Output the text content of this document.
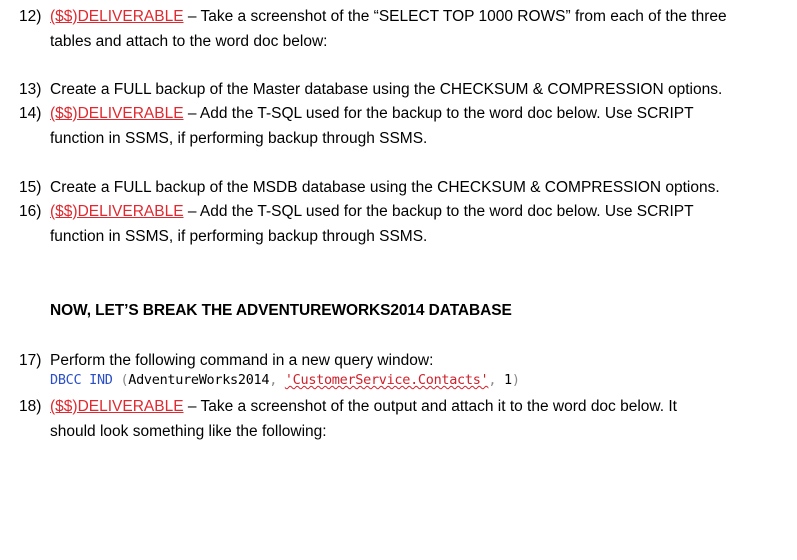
12) ($$)DELIVERABLE – Take a screenshot of the “SELECT TOP 1000 ROWS” from each of the three
tables and attach to the word doc below:
13) Create a FULL backup of the Master database using the CHECKSUM & COMPRESSION options.
14) ($$)DELIVERABLE – Add the T-SQL used for the backup to the word doc below. Use SCRIPT
function in SSMS, if performing backup through SSMS.
15) Create a FULL backup of the MSDB database using the CHECKSUM & COMPRESSION options.
16) ($$)DELIVERABLE – Add the T-SQL used for the backup to the word doc below. Use SCRIPT
function in SSMS, if performing backup through SSMS.
NOW, LET’S BREAK THE ADVENTUREWORKS2014 DATABASE
17) Perform the following command in a new query window:
DBCC IND (AdventureWorks2014, 'CustomerService.Contacts', 1)
18) ($$)DELIVERABLE – Take a screenshot of the output and attach it to the word doc below. It
should look something like the following:
